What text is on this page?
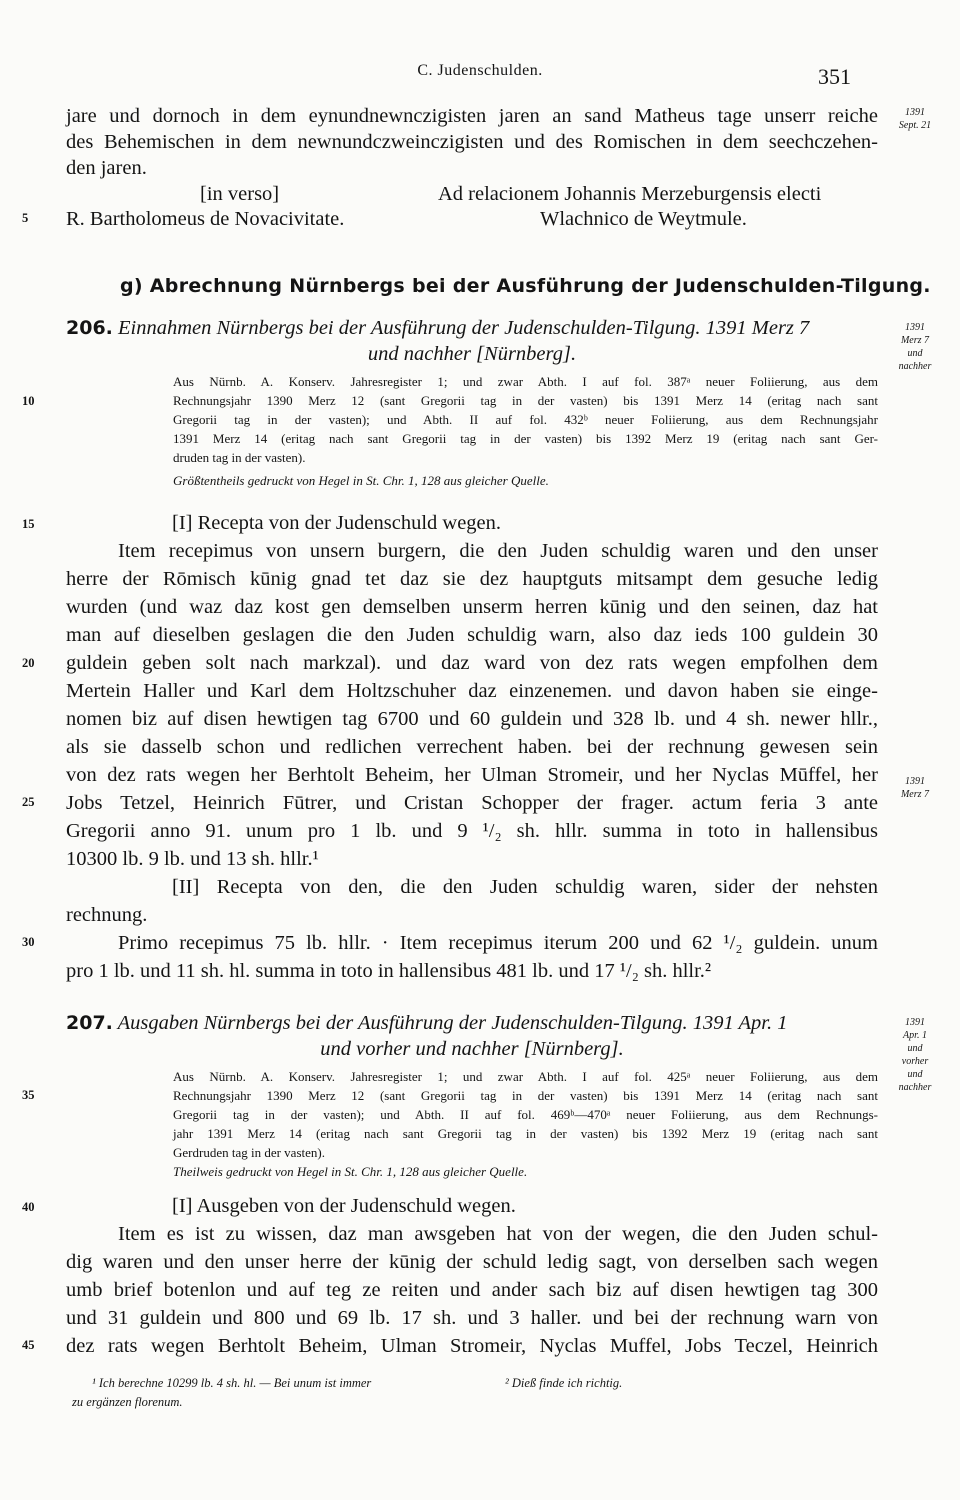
C. Judenschulden.	351
jare und dornoch in dem eynundnewnczigisten jaren an sand Matheus tage unserr reiche
des Behemischen in dem newnundczweinczigisten und des Romischen in dem seechczehen-
den jaren.
[in verso]	Ad relacionem Johannis Merzeburgensis electi
R. Bartholomeus de Novacivitate.	Wlachnico de Weytmule.
g) Abrechnung Nürnbergs bei der Ausführung der Judenschulden-Tilgung.
206. Einnahmen Nürnbergs bei der Ausführung der Judenschulden-Tilgung. 1391 Merz 7
und nachher [Nürnberg].
Aus Nürnb. A. Konserv. Jahresregister 1; und zwar Abth. I auf fol. 387ᵃ neuer Foliierung, aus dem
Rechnungsjahr 1390 Merz 12 (sant Gregorii tag in der vasten) bis 1391 Merz 14 (eritag nach sant
Gregorii tag in der vasten); und Abth. II auf fol. 432ᵇ neuer Foliierung, aus dem Rechnungsjahr
1391 Merz 14 (eritag nach sant Gregorii tag in der vasten) bis 1392 Merz 19 (eritag nach sant Ger-
druden tag in der vasten).
Größtentheils gedruckt von Hegel in St. Chr. 1, 128 aus gleicher Quelle.
[I] Recepta von der Judenschuld wegen.
Item recepimus von unsern burgern, die den Juden schuldig waren und den unser
herre der Rōmisch kūnig gnad tet daz sie dez hauptguts mitsampt dem gesuche ledig
wurden (und waz daz kost gen demselben unserm herren kūnig und den seinen, daz hat
man auf dieselben geslagen die den Juden schuldig warn, also daz ieds 100 guldein 30
guldein geben solt nach markzal). und daz ward von dez rats wegen empfolhen dem
Mertein Haller und Karl dem Holtzschuher daz einzenemen. und davon haben sie einge-
nomen biz auf disen hewtigen tag 6700 und 60 guldein und 328 lb. und 4 sh. newer hllr.,
als sie dasselb schon und redlichen verrechent haben. bei der rechnung gewesen sein
von dez rats wegen her Berhtolt Beheim, her Ulman Stromeir, und her Nyclas Mūffel, her
Jobs Tetzel, Heinrich Fūtrer, und Cristan Schopper der frager. actum feria 3 ante
Gregorii anno 91. unum pro 1 lb. und 9 ¹/₂ sh. hllr. summa in toto in hallensibus
10300 lb. 9 lb. und 13 sh. hllr.¹
[II] Recepta von den, die den Juden schuldig waren, sider der nehsten
rechnung.
Primo recepimus 75 lb. hllr. · Item recepimus iterum 200 und 62 ¹/₂ guldein. unum
pro 1 lb. und 11 sh. hl. summa in toto in hallensibus 481 lb. und 17 ¹/₂ sh. hllr.²
207. Ausgaben Nürnbergs bei der Ausführung der Judenschulden-Tilgung. 1391 Apr. 1
und vorher und nachher [Nürnberg].
Aus Nürnb. A. Konserv. Jahresregister 1; und zwar Abth. I auf fol. 425ᵃ neuer Foliierung, aus dem
Rechnungsjahr 1390 Merz 12 (sant Gregorii tag in der vasten) bis 1391 Merz 14 (eritag nach sant
Gregorii tag in der vasten); und Abth. II auf fol. 469ᵇ—470ᵃ neuer Foliierung, aus dem Rechnungs-
jahr 1391 Merz 14 (eritag nach sant Gregorii tag in der vasten) bis 1392 Merz 19 (eritag nach sant
Gerdruden tag in der vasten).
Theilweis gedruckt von Hegel in St. Chr. 1, 128 aus gleicher Quelle.
[I] Ausgeben von der Judenschuld wegen.
Item es ist zu wissen, daz man awsgeben hat von der wegen, die den Juden schul-
dig waren und den unser herre der kūnig der schuld ledig sagt, von derselben sach wegen
umb brief botenlon und auf teg ze reiten und ander sach biz auf disen hewtigen tag 300
und 31 guldein und 800 und 69 lb. 17 sh. und 3 haller. und bei der rechnung warn von
dez rats wegen Berhtolt Beheim, Ulman Stromeir, Nyclas Muffel, Jobs Teczel, Heinrich
¹ Ich berechne 10299 lb. 4 sh. hl. — Bei unum ist immer
zu ergänzen florenum.
² Dieß finde ich richtig.
5
10
15
20
25
30
35
40
45
1391
Sept. 21
1391
Merz 7
und
nachher
1391
Merz 7
1391
Apr. 1
und
vorher
und
nachher
